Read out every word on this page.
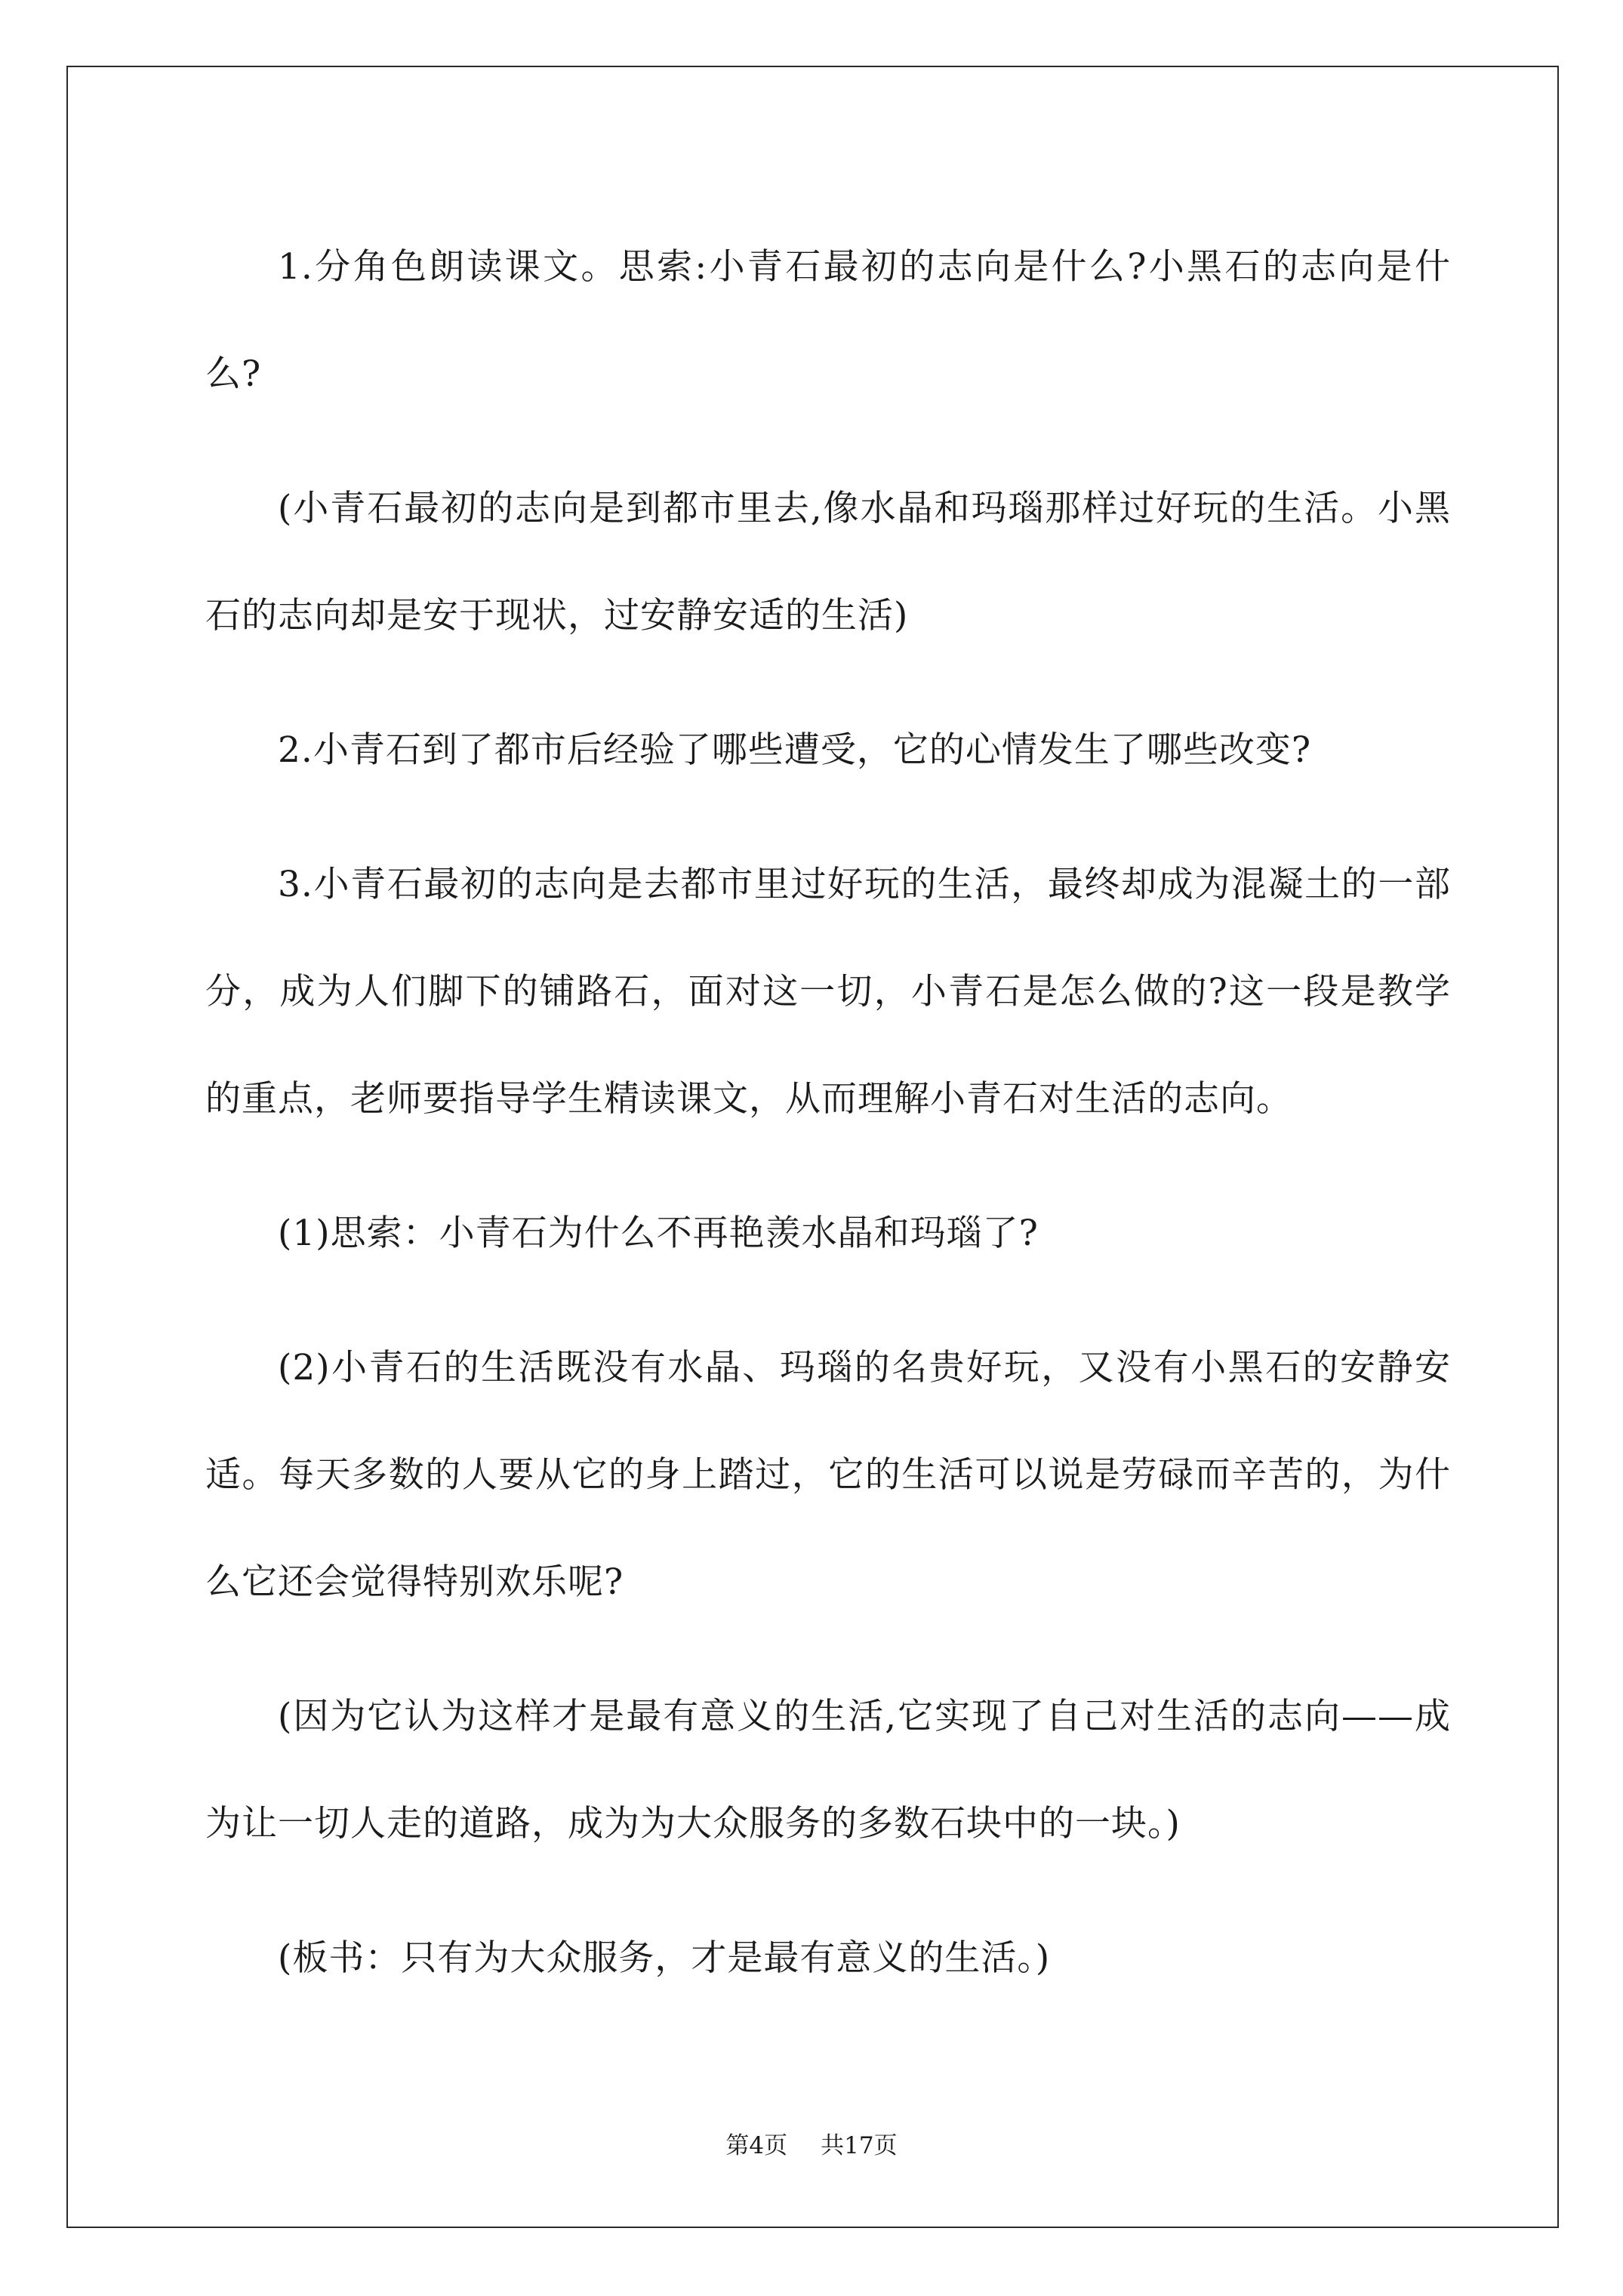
1.分角色朗读课文。思索:小青石最初的志向是什么?小黑石的志向是什么?

(小青石最初的志向是到都市里去,像水晶和玛瑙那样过好玩的生活。小黑石的志向却是安于现状，过安静安适的生活)

2.小青石到了都市后经验了哪些遭受，它的心情发生了哪些改变?

3.小青石最初的志向是去都市里过好玩的生活，最终却成为混凝土的一部分，成为人们脚下的铺路石，面对这一切，小青石是怎么做的?这一段是教学的重点，老师要指导学生精读课文，从而理解小青石对生活的志向。

(1)思索：小青石为什么不再艳羡水晶和玛瑙了?

(2)小青石的生活既没有水晶、玛瑙的名贵好玩，又没有小黑石的安静安适。每天多数的人要从它的身上踏过，它的生活可以说是劳碌而辛苦的，为什么它还会觉得特别欢乐呢?

(因为它认为这样才是最有意义的生活,它实现了自己对生活的志向——成为让一切人走的道路，成为为大众服务的多数石块中的一块。)

(板书：只有为大众服务，才是最有意义的生活。)

第4页 共17页
